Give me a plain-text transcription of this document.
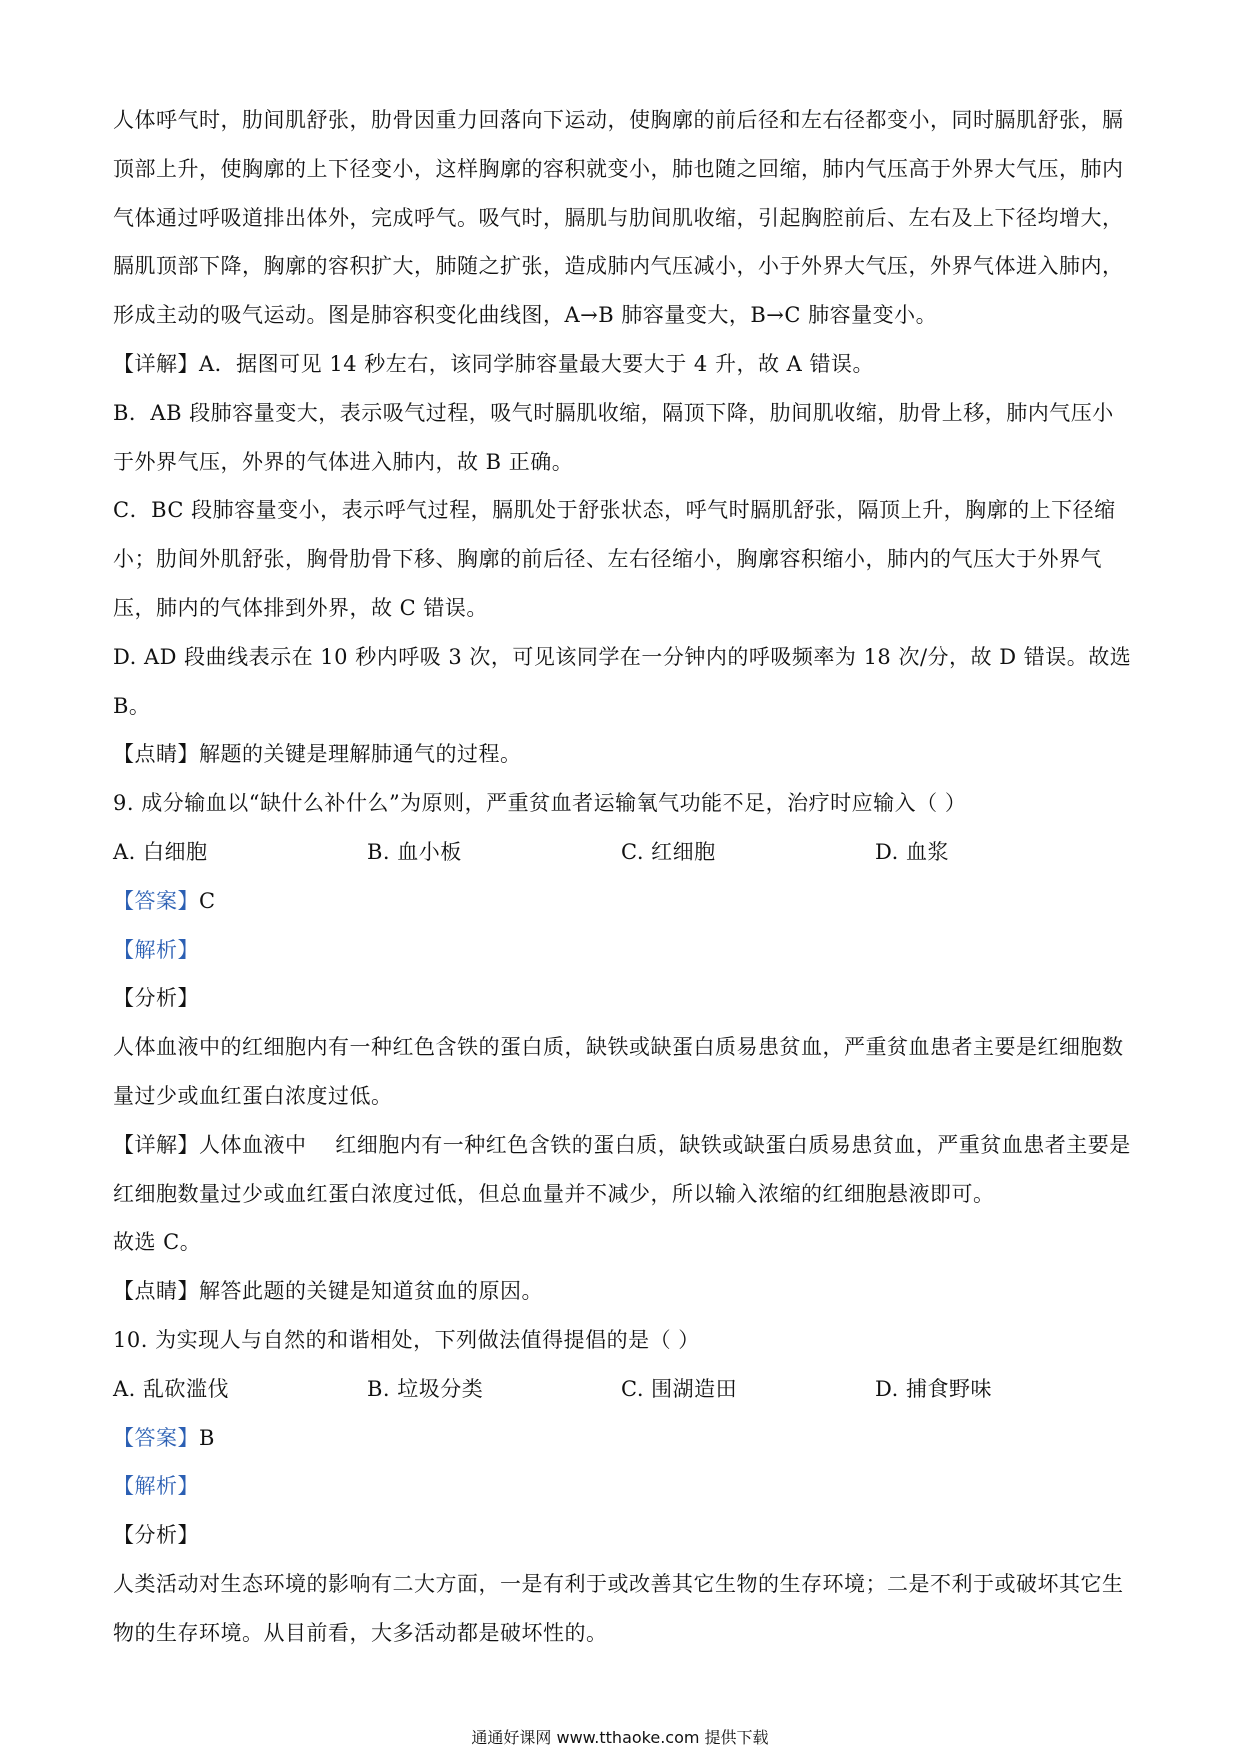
人体呼气时，肋间肌舒张，肋骨因重力回落向下运动，使胸廓的前后径和左右径都变小，同时膈肌舒张，膈顶部上升，使胸廓的上下径变小，这样胸廓的容积就变小，肺也随之回缩，肺内气压高于外界大气压，肺内气体通过呼吸道排出体外，完成呼气。吸气时，膈肌与肋间肌收缩，引起胸腔前后、左右及上下径均增大，膈肌顶部下降，胸廓的容积扩大，肺随之扩张，造成肺内气压减小，小于外界大气压，外界气体进入肺内，形成主动的吸气运动。图是肺容积变化曲线图，A→B 肺容量变大，B→C 肺容量变小。

【详解】A．据图可见 14 秒左右，该同学肺容量最大要大于 4 升，故 A 错误。

B．AB 段肺容量变大，表示吸气过程，吸气时膈肌收缩，隔顶下降，肋间肌收缩，肋骨上移，肺内气压小于外界气压，外界的气体进入肺内，故 B 正确。

C．BC 段肺容量变小，表示呼气过程，膈肌处于舒张状态，呼气时膈肌舒张，隔顶上升，胸廓的上下径缩小；肋间外肌舒张，胸骨肋骨下移、胸廓的前后径、左右径缩小，胸廓容积缩小，肺内的气压大于外界气压，肺内的气体排到外界，故 C 错误。

D. AD 段曲线表示在 10 秒内呼吸 3 次，可见该同学在一分钟内的呼吸频率为 18 次/分，故 D 错误。故选 B。

【点睛】解题的关键是理解肺通气的过程。

9. 成分输血以“缺什么补什么”为原则，严重贫血者运输氧气功能不足，治疗时应输入（ ）

A. 白细胞	B. 血小板	C. 红细胞	D. 血浆

【答案】C

【解析】

【分析】

人体血液中的红细胞内有一种红色含铁的蛋白质，缺铁或缺蛋白质易患贫血，严重贫血患者主要是红细胞数量过少或血红蛋白浓度过低。

【详解】人体血液中    红细胞内有一种红色含铁的蛋白质，缺铁或缺蛋白质易患贫血，严重贫血患者主要是红细胞数量过少或血红蛋白浓度过低，但总血量并不减少，所以输入浓缩的红细胞悬液即可。

故选 C。

【点睛】解答此题的关键是知道贫血的原因。

10. 为实现人与自然的和谐相处，下列做法值得提倡的是（ ）

A. 乱砍滥伐	B. 垃圾分类	C. 围湖造田	D. 捕食野味

【答案】B

【解析】

【分析】

人类活动对生态环境的影响有二大方面，一是有利于或改善其它生物的生存环境；二是不利于或破坏其它生物的生存环境。从目前看，大多活动都是破坏性的。

通通好课网 www.tthaoke.com 提供下载
